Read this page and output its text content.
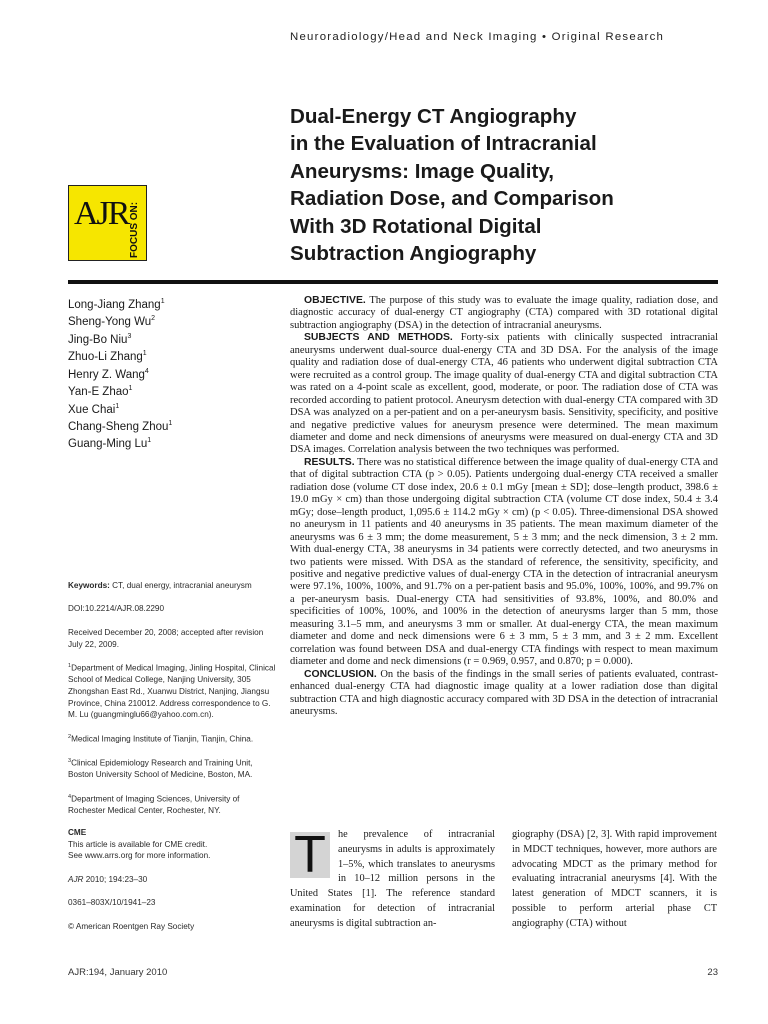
Neuroradiology/Head and Neck Imaging • Original Research
Dual-Energy CT Angiography
in the Evaluation of Intracranial
Aneurysms: Image Quality,
Radiation Dose, and Comparison
With 3D Rotational Digital
Subtraction Angiography
AJR FOCUS ON:
Long-Jiang Zhang$^1$
Sheng-Yong Wu$^2$
Jing-Bo Niu$^3$
Zhuo-Li Zhang$^1$
Henry Z. Wang$^4$
Yan-E Zhao$^1$
Xue Chai$^1$
Chang-Sheng Zhou$^1$
Guang-Ming Lu$^1$

Keywords: CT, dual energy, intracranial aneurysm

DOI:10.2214/AJR.08.2290

Received December 20, 2008; accepted after revision July 22, 2009.

$^1$Department of Medical Imaging, Jinling Hospital, Clinical School of Medical College, Nanjing University, 305 Zhongshan East Rd., Xuanwu District, Nanjing, Jiangsu Province, China 210012. Address correspondence to G. M. Lu (guangminglu66@yahoo.com.cn).

$^2$Medical Imaging Institute of Tianjin, Tianjin, China.

$^3$Clinical Epidemiology Research and Training Unit, Boston University School of Medicine, Boston, MA.

$^4$Department of Imaging Sciences, University of Rochester Medical Center, Rochester, NY.

CME

This article is available for CME credit.

See www.arrs.org for more information.

AJR 2010; 194:23–30

0361–803X/10/1941–23

© American Roentgen Ray Society

OBJECTIVE. The purpose of this study was to evaluate the image quality, radiation dose, and diagnostic accuracy of dual-energy CT angiography (CTA) compared with 3D rotational digital subtraction angiography (DSA) in the detection of intracranial aneurysms.

SUBJECTS AND METHODS. Forty-six patients with clinically suspected intracranial aneurysms underwent dual-source dual-energy CTA and 3D DSA. For the analysis of the image quality and radiation dose of dual-energy CTA, 46 patients who underwent digital subtraction CTA were recruited as a control group. The image quality of dual-energy CTA and digital subtraction CTA was rated on a 4-point scale as excellent, good, moderate, or poor. The radiation dose of CTA was recorded according to patient protocol. Aneurysm detection with dual-energy CTA compared with 3D DSA was analyzed on a per-patient and on a per-aneurysm basis. Sensitivity, specificity, and positive and negative predictive values for aneurysm presence were determined. The mean maximum diameter and dome and neck dimensions of aneurysms were measured on dual-energy CTA and 3D DSA images. Correlation analysis between the two techniques was performed.

RESULTS. There was no statistical difference between the image quality of dual-energy CTA and that of digital subtraction CTA (p > 0.05). Patients undergoing dual-energy CTA received a smaller radiation dose (volume CT dose index, 20.6 ± 0.1 mGy [mean ± SD]; dose–length product, 398.6 ± 19.0 mGy × cm) than those undergoing digital subtraction CTA (volume CT dose index, 50.4 ± 3.4 mGy; dose–length product, 1,095.6 ± 114.2 mGy × cm) (p < 0.05). Three-dimensional DSA showed no aneurysm in 11 patients and 40 aneurysms in 35 patients. The mean maximum diameter of the aneurysms was 6 ± 3 mm; the dome measurement, 5 ± 3 mm; and the neck dimension, 3 ± 2 mm. With dual-energy CTA, 38 aneurysms in 34 patients were correctly detected, and two aneurysms in two patients were missed. With DSA as the standard of reference, the sensitivity, specificity, and positive and negative predictive values of dual-energy CTA in the detection of intracranial aneurysm were 97.1%, 100%, 100%, and 91.7% on a per-patient basis and 95.0%, 100%, 100%, and 99.7% on a per-aneurysm basis. Dual-energy CTA had sensitivities of 93.8%, 100%, and 80.0% and specificities of 100%, 100%, and 100% in the detection of aneurysms larger than 5 mm, those measuring 3.1–5 mm, and aneurysms 3 mm or smaller. At dual-energy CTA, the mean maximum diameter and dome and neck dimensions were 6 ± 3 mm, 5 ± 3 mm, and 3 ± 2 mm. Excellent correlation was found between DSA and dual-energy CTA findings with respect to mean maximum diameter and dome and neck dimensions (r = 0.969, 0.957, and 0.870; p = 0.000).

CONCLUSION. On the basis of the findings in the small series of patients evaluated, contrast-enhanced dual-energy CTA had diagnostic image quality at a lower radiation dose than digital subtraction CTA and high diagnostic accuracy compared with 3D DSA in the detection of intracranial aneurysms.

T	he prevalence of intracranial aneurysms in adults is approximately 1–5%, which translates to aneurysms in 10–12 million persons in the United States [1]. The reference standard examination for detection of intracranial aneurysms is digital subtraction an-

giography (DSA) [2, 3]. With rapid improvement in MDCT techniques, however, more authors are advocating MDCT as the primary method for evaluating intracranial aneurysms [4]. With the latest generation of MDCT scanners, it is possible to perform arterial phase CT angiography (CTA) without

AJR:194, January 2010	23
